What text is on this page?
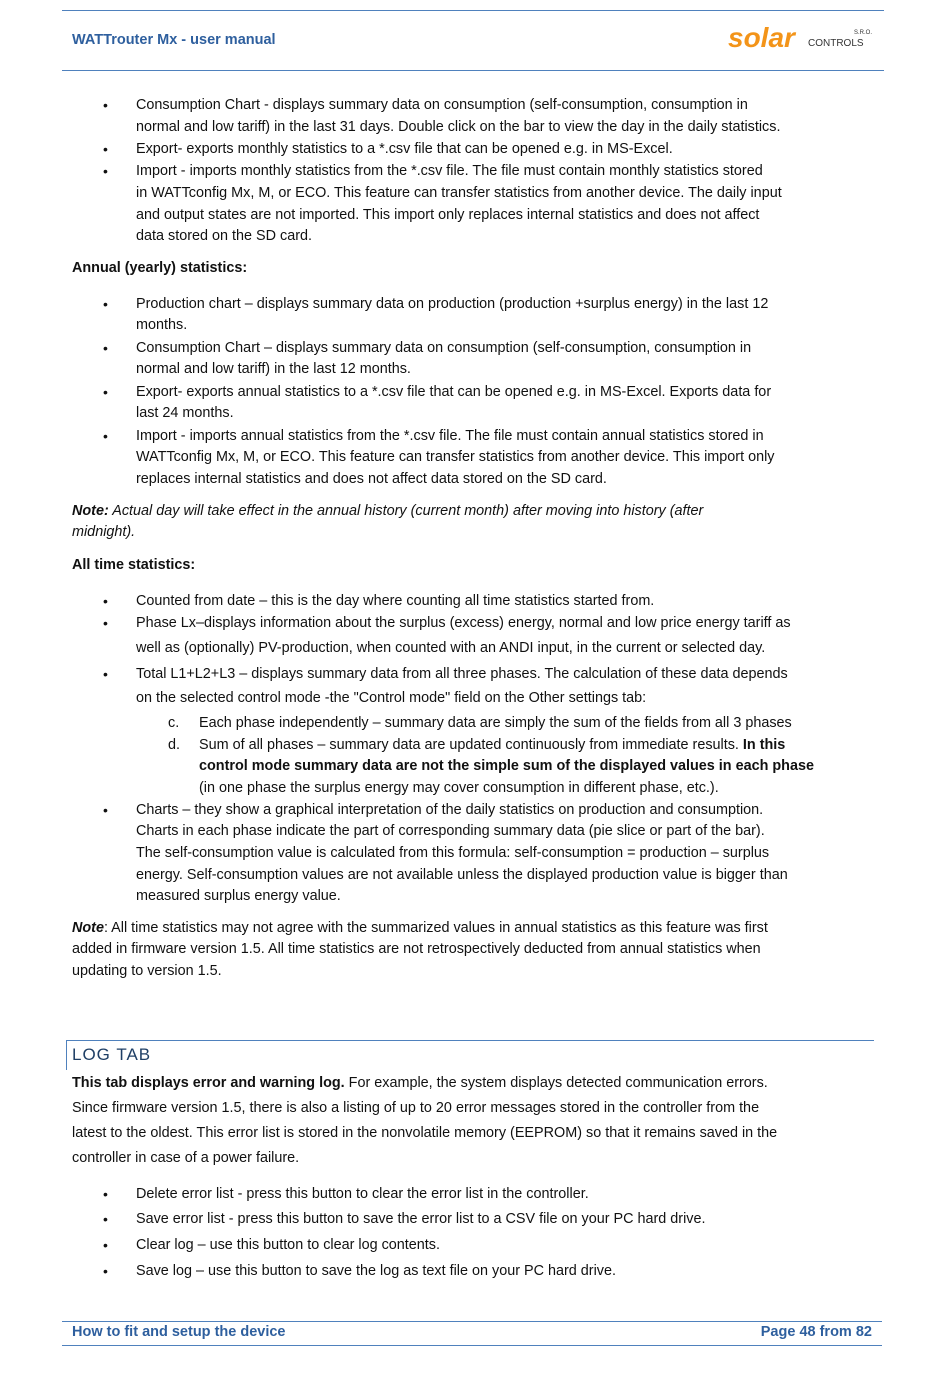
WATTrouter Mx - user manual	solar CONTROLS
S.R.O.
• Consumption Chart - displays summary data on consumption (self-consumption, consumption in
normal and low tariff) in the last 31 days. Double click on the bar to view the day in the daily statistics.
• Export- exports monthly statistics to a *.csv file that can be opened e.g. in MS-Excel.
• Import - imports monthly statistics from the *.csv file. The file must contain monthly statistics stored
in WATTconfig Mx, M, or ECO. This feature can transfer statistics from another device. The daily input
and output states are not imported. This import only replaces internal statistics and does not affect
data stored on the SD card.
Annual (yearly) statistics:
• Production chart – displays summary data on production (production +surplus energy) in the last 12
months.
• Consumption Chart – displays summary data on consumption (self-consumption, consumption in
normal and low tariff) in the last 12 months.
• Export- exports annual statistics to a *.csv file that can be opened e.g. in MS-Excel. Exports data for
last 24 months.
• Import - imports annual statistics from the *.csv file. The file must contain annual statistics stored in
WATTconfig Mx, M, or ECO. This feature can transfer statistics from another device. This import only
replaces internal statistics and does not affect data stored on the SD card.
Note: Actual day will take effect in the annual history (current month) after moving into history (after
midnight).
All time statistics:
• Counted from date – this is the day where counting all time statistics started from.
• Phase Lx–displays information about the surplus (excess) energy, normal and low price energy tariff as
well as (optionally) PV-production, when counted with an ANDI input, in the current or selected day.
• Total L1+L2+L3 – displays summary data from all three phases. The calculation of these data depends
on the selected control mode -the "Control mode" field on the Other settings tab:
c.
d.
Each phase independently – summary data are simply the sum of the fields from all 3 phases
Sum of all phases – summary data are updated continuously from immediate results. In this
control mode summary data are not the simple sum of the displayed values in each phase
(in one phase the surplus energy may cover consumption in different phase, etc.).
• Charts – they show a graphical interpretation of the daily statistics on production and consumption.
Charts in each phase indicate the part of corresponding summary data (pie slice or part of the bar).
The self-consumption value is calculated from this formula: self-consumption = production – surplus
energy. Self-consumption values are not available unless the displayed production value is bigger than
measured surplus energy value.
Note: All time statistics may not agree with the summarized values in annual statistics as this feature was first
added in firmware version 1.5. All time statistics are not retrospectively deducted from annual statistics when
updating to version 1.5.
This tab displays error and warning log. For example, the system displays detected communication errors.
Since firmware version 1.5, there is also a listing of up to 20 error messages stored in the controller from the
latest to the oldest. This error list is stored in the nonvolatile memory (EEPROM) so that it remains saved in the
controller in case of a power failure.
• Delete error list - press this button to clear the error list in the controller.
• Save error list - press this button to save the error list to a CSV file on your PC hard drive.
• Clear log – use this button to clear log contents.
• Save log – use this button to save the log as text file on your PC hard drive.
LOG TAB
How to fit and setup the device	Page 48 from 82
